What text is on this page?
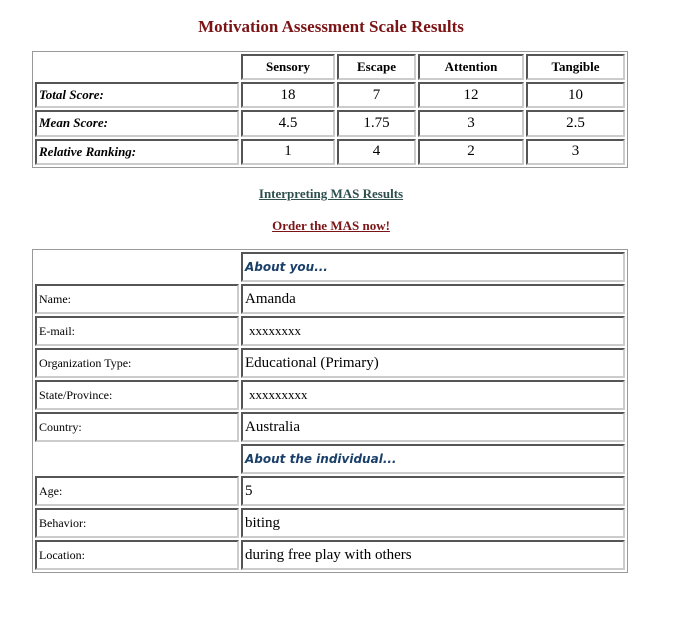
Motivation Assessment Scale Results
	Sensory	Escape	Attention	Tangible
Total Score:	18	7	12	10
Mean Score:	4.5	1.75	3	2.5
Relative Ranking:	1	4	2	3
Interpreting MAS Results
Order the MAS now!
	About you...
Name:	Amanda
E-mail:	xxxxxxxx
Organization Type:	Educational (Primary)
State/Province:	xxxxxxxxx
Country:	Australia
	About the individual...
Age:	5
Behavior:	biting
Location:	during free play with others
